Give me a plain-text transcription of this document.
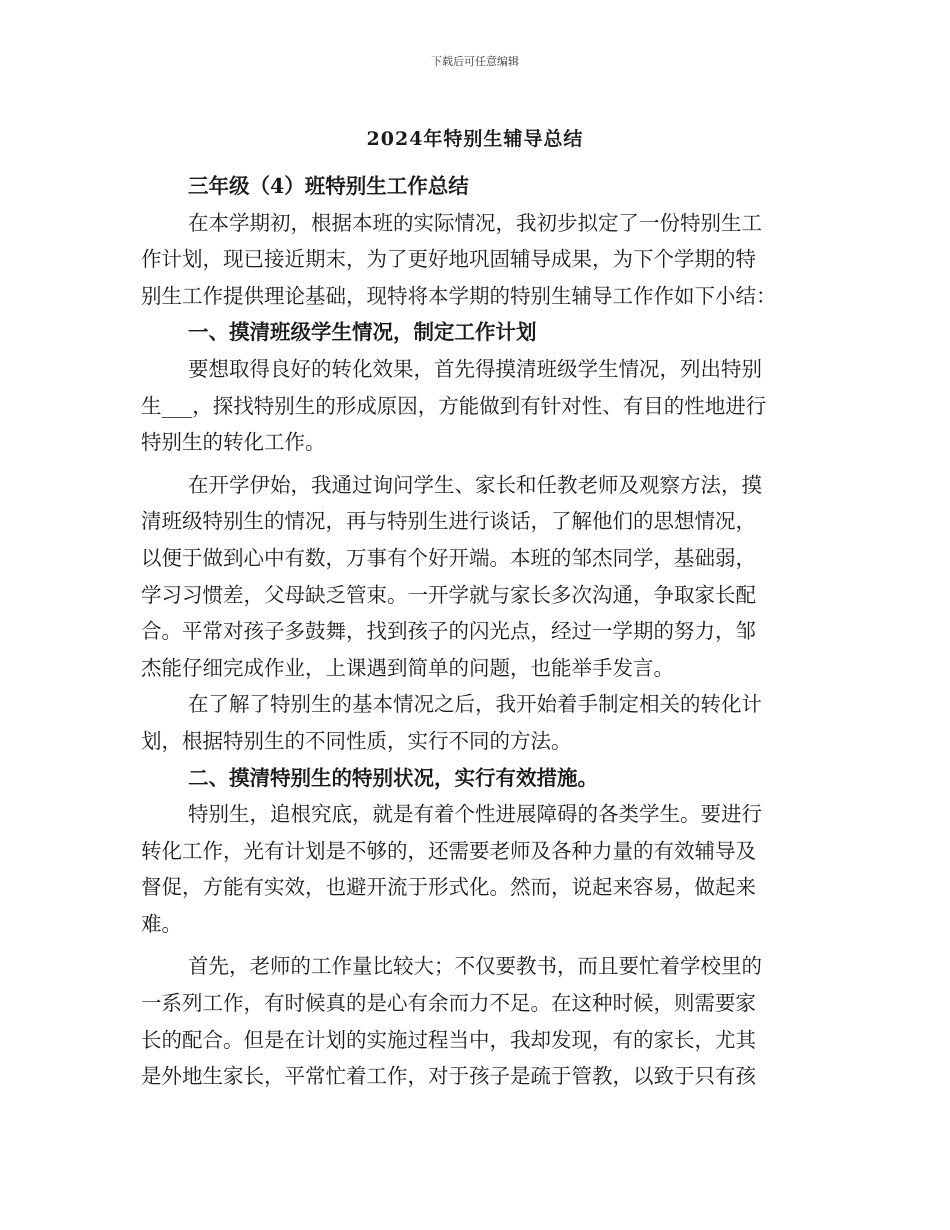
下载后可任意编辑
2024年特别生辅导总结
三年级（4）班特别生工作总结
在本学期初，根据本班的实际情况，我初步拟定了一份特别生工
作计划，现已接近期末，为了更好地巩固辅导成果，为下个学期的特
别生工作提供理论基础，现特将本学期的特别生辅导工作作如下小结：
一、摸清班级学生情况，制定工作计划
要想取得良好的转化效果，首先得摸清班级学生情况，列出特别
生___，探找特别生的形成原因，方能做到有针对性、有目的性地进行
特别生的转化工作。
在开学伊始，我通过询问学生、家长和任教老师及观察方法，摸
清班级特别生的情况，再与特别生进行谈话，了解他们的思想情况，
以便于做到心中有数，万事有个好开端。本班的邹杰同学，基础弱，
学习习惯差，父母缺乏管束。一开学就与家长多次沟通，争取家长配
合。平常对孩子多鼓舞，找到孩子的闪光点，经过一学期的努力，邹
杰能仔细完成作业，上课遇到简单的问题，也能举手发言。
在了解了特别生的基本情况之后，我开始着手制定相关的转化计
划，根据特别生的不同性质，实行不同的方法。
二、摸清特别生的特别状况，实行有效措施。
特别生，追根究底，就是有着个性进展障碍的各类学生。要进行
转化工作，光有计划是不够的，还需要老师及各种力量的有效辅导及
督促，方能有实效，也避开流于形式化。然而，说起来容易，做起来
难。
首先，老师的工作量比较大；不仅要教书，而且要忙着学校里的
一系列工作，有时候真的是心有余而力不足。在这种时候，则需要家
长的配合。但是在计划的实施过程当中，我却发现，有的家长，尤其
是外地生家长，平常忙着工作，对于孩子是疏于管教，以致于只有孩
